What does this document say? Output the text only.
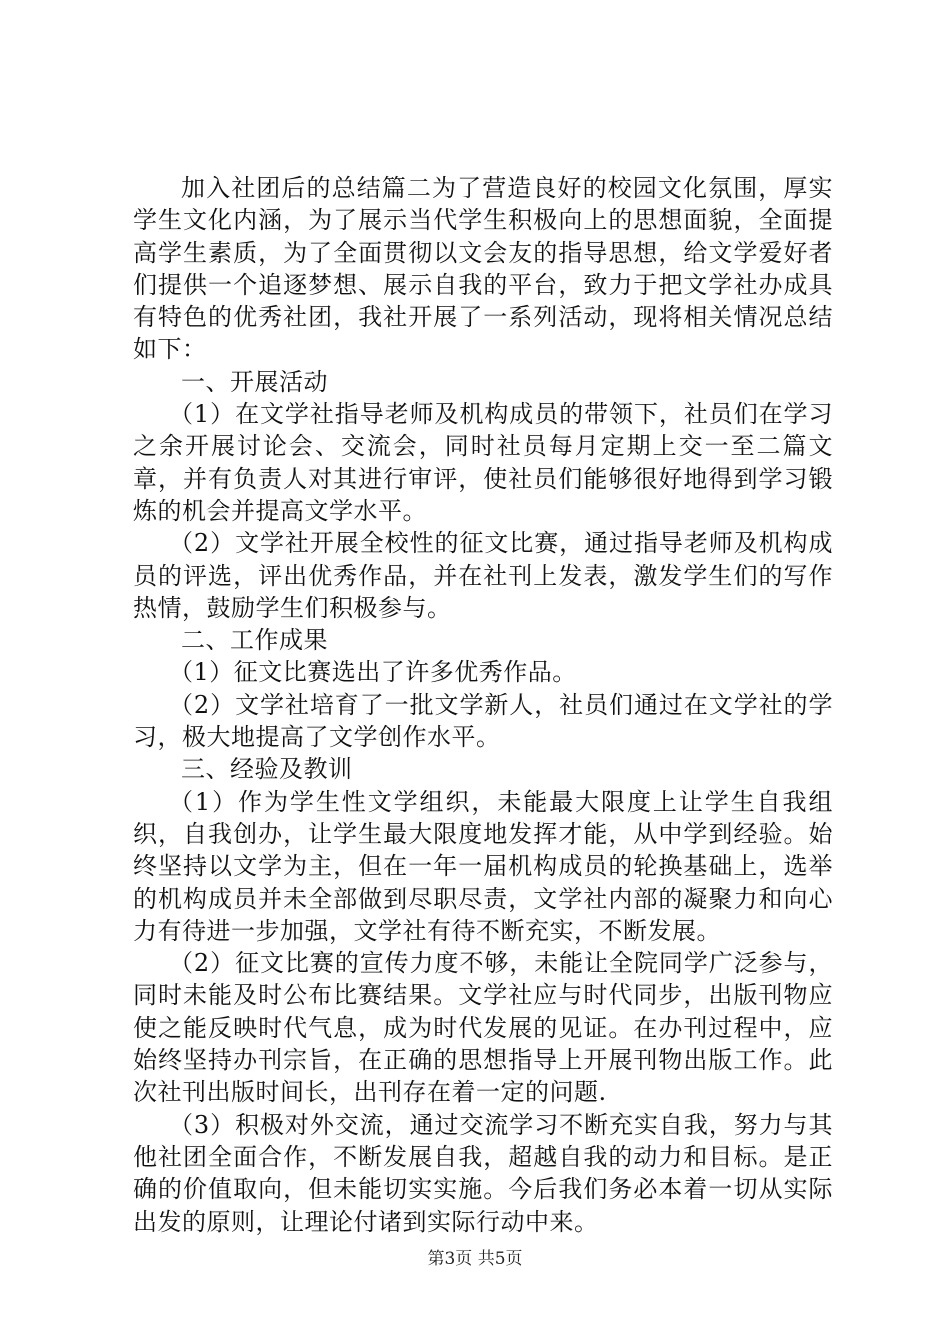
加入社团后的总结篇二为了营造良好的校园文化氛围，厚实学生文化内涵，为了展示当代学生积极向上的思想面貌，全面提高学生素质，为了全面贯彻以文会友的指导思想，给文学爱好者们提供一个追逐梦想、展示自我的平台，致力于把文学社办成具有特色的优秀社团，我社开展了一系列活动，现将相关情况总结如下：

一、开展活动

（1）在文学社指导老师及机构成员的带领下，社员们在学习之余开展讨论会、交流会，同时社员每月定期上交一至二篇文章，并有负责人对其进行审评，使社员们能够很好地得到学习锻炼的机会并提高文学水平。

（2）文学社开展全校性的征文比赛，通过指导老师及机构成员的评选，评出优秀作品，并在社刊上发表，激发学生们的写作热情，鼓励学生们积极参与。

二、工作成果

（1）征文比赛选出了许多优秀作品。

（2）文学社培育了一批文学新人，社员们通过在文学社的学习，极大地提高了文学创作水平。

三、经验及教训

（1）作为学生性文学组织，未能最大限度上让学生自我组织，自我创办，让学生最大限度地发挥才能，从中学到经验。始终坚持以文学为主，但在一年一届机构成员的轮换基础上，选举的机构成员并未全部做到尽职尽责，文学社内部的凝聚力和向心力有待进一步加强，文学社有待不断充实，不断发展。

（2）征文比赛的宣传力度不够，未能让全院同学广泛参与，同时未能及时公布比赛结果。文学社应与时代同步，出版刊物应使之能反映时代气息，成为时代发展的见证。在办刊过程中，应始终坚持办刊宗旨，在正确的思想指导上开展刊物出版工作。此次社刊出版时间长，出刊存在着一定的问题.

（3）积极对外交流，通过交流学习不断充实自我，努力与其他社团全面合作，不断发展自我，超越自我的动力和目标。是正确的价值取向，但未能切实实施。今后我们务必本着一切从实际出发的原则，让理论付诸到实际行动中来。

第3页 共5页
